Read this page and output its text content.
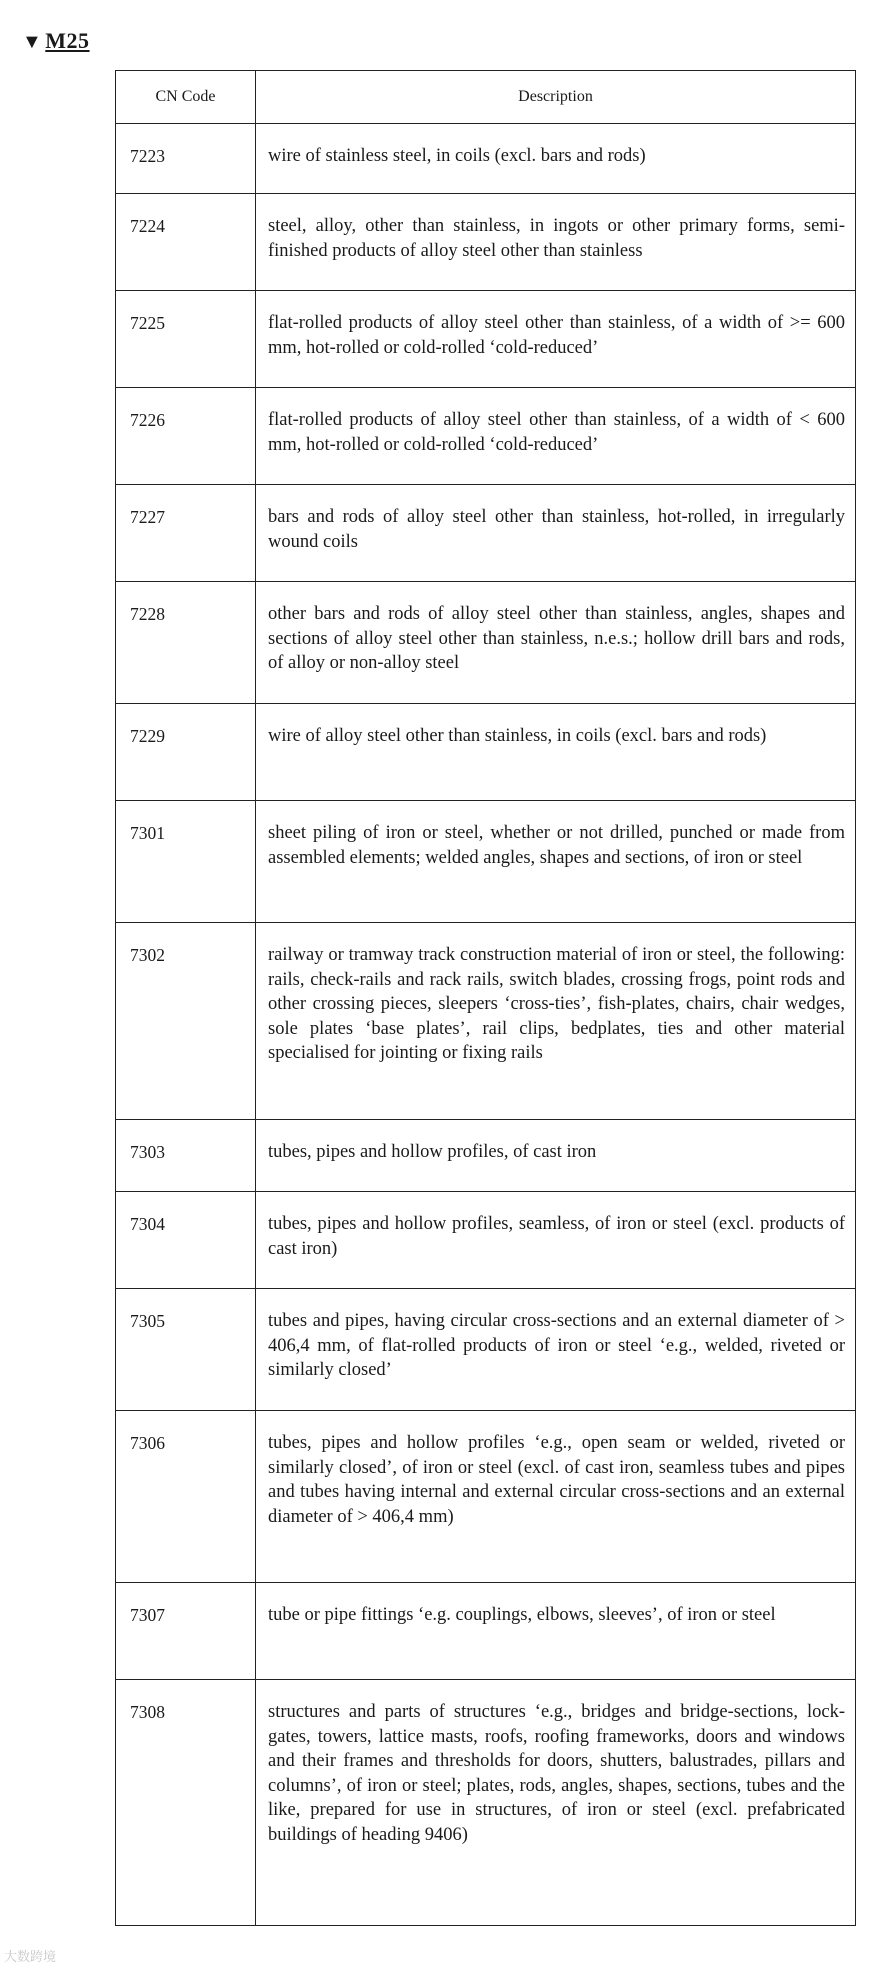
▼ M25
CN Code	Description
7223	wire of stainless steel, in coils (excl. bars and rods)
7224	steel, alloy, other than stainless, in ingots or other primary forms, semi-finished products of alloy steel other than stainless
7225	flat-rolled products of alloy steel other than stainless, of a width of >= 600 mm, hot-rolled or cold-rolled ‘cold-reduced’
7226	flat-rolled products of alloy steel other than stainless, of a width of < 600 mm, hot-rolled or cold-rolled ‘cold-reduced’
7227	bars and rods of alloy steel other than stainless, hot-rolled, in irregularly wound coils
7228	other bars and rods of alloy steel other than stainless, angles, shapes and sections of alloy steel other than stainless, n.e.s.; hollow drill bars and rods, of alloy or non-alloy steel
7229	wire of alloy steel other than stainless, in coils (excl. bars and rods)
7301	sheet piling of iron or steel, whether or not drilled, punched or made from assembled elements; welded angles, shapes and sections, of iron or steel
7302	railway or tramway track construction material of iron or steel, the following: rails, check-rails and rack rails, switch blades, crossing frogs, point rods and other crossing pieces, sleepers ‘cross-ties’, fish-plates, chairs, chair wedges, sole plates ‘base plates’, rail clips, bedplates, ties and other material specialised for jointing or fixing rails
7303	tubes, pipes and hollow profiles, of cast iron
7304	tubes, pipes and hollow profiles, seamless, of iron or steel (excl. products of cast iron)
7305	tubes and pipes, having circular cross-sections and an external diameter of > 406,4 mm, of flat-rolled products of iron or steel ‘e.g., welded, riveted or similarly closed’
7306	tubes, pipes and hollow profiles ‘e.g., open seam or welded, riveted or similarly closed’, of iron or steel (excl. of cast iron, seamless tubes and pipes and tubes having internal and external circular cross-sections and an external diameter of > 406,4 mm)
7307	tube or pipe fittings ‘e.g. couplings, elbows, sleeves’, of iron or steel
7308	structures and parts of structures ‘e.g., bridges and bridge-sections, lock-gates, towers, lattice masts, roofs, roofing frameworks, doors and windows and their frames and thresholds for doors, shutters, balustrades, pillars and columns’, of iron or steel; plates, rods, angles, shapes, sections, tubes and the like, prepared for use in structures, of iron or steel (excl. prefabricated buildings of heading 9406)
大数跨境
